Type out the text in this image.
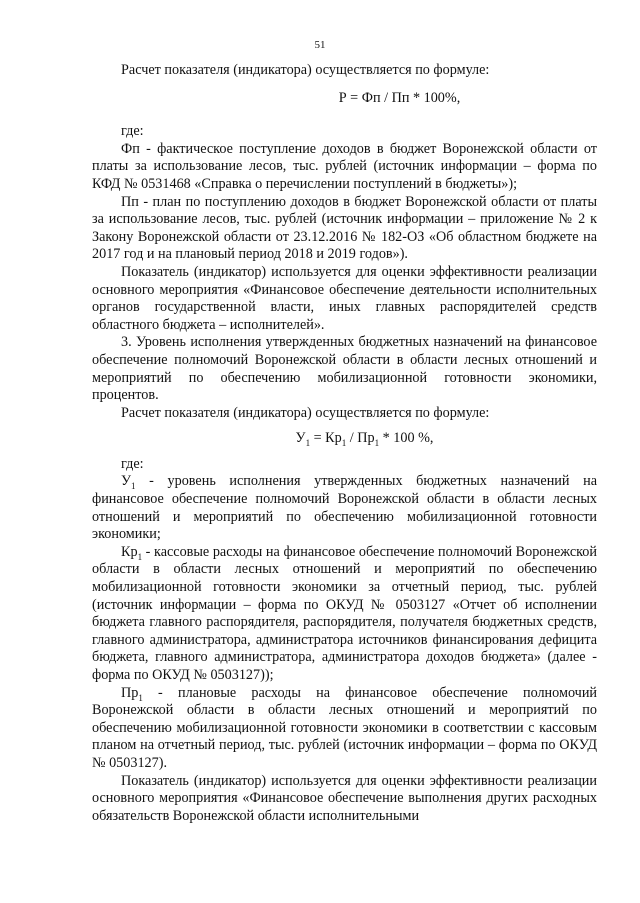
51

Расчет показателя (индикатора) осуществляется по формуле:

Р = Фп / Пп * 100%,

где:

Фп - фактическое поступление доходов в бюджет Воронежской области от платы за использование лесов, тыс. рублей (источник информации – форма по КФД № 0531468 «Справка о перечислении поступлений в бюджеты»);

Пп - план по поступлению доходов в бюджет Воронежской области от платы за использование лесов, тыс. рублей (источник информации – приложение № 2 к Закону Воронежской области от 23.12.2016 № 182-ОЗ «Об областном бюджете на 2017 год и на плановый период 2018 и 2019 годов»).

Показатель (индикатор) используется для оценки эффективности реализации основного мероприятия «Финансовое обеспечение деятельности исполнительных органов государственной власти, иных главных распорядителей средств областного бюджета – исполнителей».

3. Уровень исполнения утвержденных бюджетных назначений на финансовое обеспечение полномочий Воронежской области в области лесных отношений и мероприятий по обеспечению мобилизационной готовности экономики, процентов.

Расчет показателя (индикатора) осуществляется по формуле:

$У_1 = Кр_1 / Пр_1 * 100$ %,

где:

$У_1$ - уровень исполнения утвержденных бюджетных назначений на финансовое обеспечение полномочий Воронежской области в области лесных отношений и мероприятий по обеспечению мобилизационной готовности экономики;

$Кр_1$ - кассовые расходы на финансовое обеспечение полномочий Воронежской области в области лесных отношений и мероприятий по обеспечению мобилизационной готовности экономики за отчетный период, тыс. рублей (источник информации – форма по ОКУД № 0503127 «Отчет об исполнении бюджета главного распорядителя, распорядителя, получателя бюджетных средств, главного администратора, администратора источников финансирования дефицита бюджета, главного администратора, администратора доходов бюджета» (далее - форма по ОКУД № 0503127));

$Пр_1$ - плановые расходы на финансовое обеспечение полномочий Воронежской области в области лесных отношений и мероприятий по обеспечению мобилизационной готовности экономики в соответствии с кассовым планом на отчетный период, тыс. рублей (источник информации – форма по ОКУД № 0503127).

Показатель (индикатор) используется для оценки эффективности реализации основного мероприятия «Финансовое обеспечение выполнения других расходных обязательств Воронежской области исполнительными
